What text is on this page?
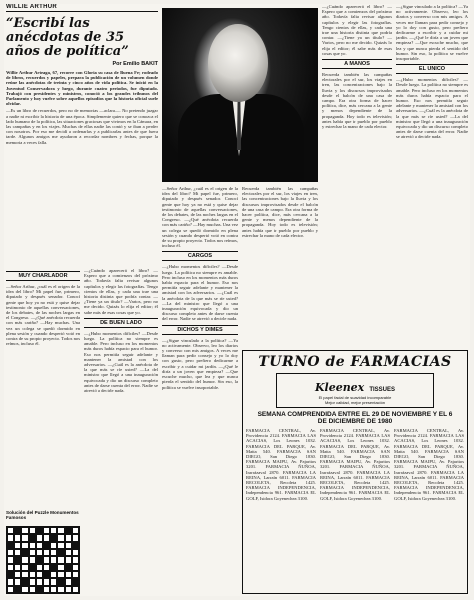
WILLIE ARTHUR
“Escribí las anécdotas de 35 años de política”
Por Emilio BAKIT
Willie Arthur Arteaga, 67, recorre con Gloria su casa de Buena Fe; rodeado de libros, recuerdos y papeles, prepara la publicación de un volumen donde reúne las anécdotas de treinta y cinco años de vida política. Se inició en la Juventud Conservadora y luego, durante cuatro períodos, fue diputado. Trabajó con presidentes y ministros, conoció a los grandes tribunos del Parlamento y hoy vuelve sobre aquellos episodios que la historia oficial suele olvidar.
—Es un libro de recuerdos, pero no de memorias —aclara—. No pretendo juzgar a nadie ni escribir la historia de una época. Simplemente quiero que se conozca el lado humano de la política, las situaciones graciosas que vivimos en la Cámara, en las campañas y en los viajes. Muchas de ellas nadie las contó y se iban a perder con nosotros. Por eso me decidí a ordenarlas y a publicarlas antes de que fuera tarde. Algunos amigos me ayudaron a recordar nombres y fechas, porque la memoria a veces falla.
—¿Cuándo aparecerá el libro? —Espero que a comienzos del próximo año. Todavía falta revisar algunos capítulos y elegir las fotografías. Tengo cientos de ellas, y cada una trae una historia distinta que podría contar. —¿Tiene ya un título? —Varios, pero no me decido. Quizás lo elija el editor; él sabe más de esas cosas que yo.
A MANOS
Recuerda también las campañas electorales por el sur, los viajes en tren, las concentraciones bajo la lluvia y los discursos improvisados desde el balcón de una casa de campo. Era otra forma de hacer política, dice, más cercana a la gente y menos dependiente de la propaganda. Hoy todo es televisión; antes había que ir pueblo por pueblo y estrechar la mano de cada elector.
—¿Sigue vinculado a la política? —Ya no activamente. Observo, leo los diarios y converso con mis amigos. A veces me llaman para pedir consejo y yo lo doy con gusto, pero prefiero dedicarme a escribir y a cuidar mi jardín. —¿Qué le diría a un joven que empieza? —Que escuche mucho, que lea y que nunca pierda el sentido del humor. Sin eso, la política se vuelve insoportable.
EL UNICO
—¿Hubo momentos difíciles? —Desde luego. La política no siempre es amable. Pero incluso en los momentos más duros había espacio para el humor. Eso nos permitía seguir adelante y mantener la amistad con los adversarios. —¿Cuál es la anécdota de la que más se ríe usted? —La del ministro que llegó a una inauguración equivocada y dio un discurso completo antes de darse cuenta del error. Nadie se atrevió a decirle nada.
—Señor Arthur, ¿cuál es el origen de la idea del libro? Mi papel fue, primero, diputado y después senador. Conocí gente que hoy ya no está y quise dejar testimonio de aquellas conversaciones, de los debates, de las noches largas en el Congreso. —¿Qué anécdota recuerda con más cariño? —Hay muchas. Una vez un colega se quedó dormido en plena sesión y cuando despertó votó en contra de su propio proyecto. Todos nos reímos, incluso él.
CARGOS
—¿Hubo momentos difíciles? —Desde luego. La política no siempre es amable. Pero incluso en los momentos más duros había espacio para el humor. Eso nos permitía seguir adelante y mantener la amistad con los adversarios. —¿Cuál es la anécdota de la que más se ríe usted? —La del ministro que llegó a una inauguración equivocada y dio un discurso completo antes de darse cuenta del error. Nadie se atrevió a decirle nada.
DICHOS Y DIMES
—¿Sigue vinculado a la política? —Ya no activamente. Observo, leo los diarios y converso con mis amigos. A veces me llaman para pedir consejo y yo lo doy con gusto, pero prefiero dedicarme a escribir y a cuidar mi jardín. —¿Qué le diría a un joven que empieza? —Que escuche mucho, que lea y que nunca pierda el sentido del humor. Sin eso, la política se vuelve insoportable.
Recuerda también las campañas electorales por el sur, los viajes en tren, las concentraciones bajo la lluvia y los discursos improvisados desde el balcón de una casa de campo. Era otra forma de hacer política, dice, más cercana a la gente y menos dependiente de la propaganda. Hoy todo es televisión; antes había que ir pueblo por pueblo y estrechar la mano de cada elector.
MUY CHARLADOR
—Señor Arthur, ¿cuál es el origen de la idea del libro? Mi papel fue, primero, diputado y después senador. Conocí gente que hoy ya no está y quise dejar testimonio de aquellas conversaciones, de los debates, de las noches largas en el Congreso. —¿Qué anécdota recuerda con más cariño? —Hay muchas. Una vez un colega se quedó dormido en plena sesión y cuando despertó votó en contra de su propio proyecto. Todos nos reímos, incluso él.
—¿Cuándo aparecerá el libro? —Espero que a comienzos del próximo año. Todavía falta revisar algunos capítulos y elegir las fotografías. Tengo cientos de ellas, y cada una trae una historia distinta que podría contar. —¿Tiene ya un título? —Varios, pero no me decido. Quizás lo elija el editor; él sabe más de esas cosas que yo.
DE BUEN LADO
—¿Hubo momentos difíciles? —Desde luego. La política no siempre es amable. Pero incluso en los momentos más duros había espacio para el humor. Eso nos permitía seguir adelante y mantener la amistad con los adversarios. —¿Cuál es la anécdota de la que más se ríe usted? —La del ministro que llegó a una inauguración equivocada y dio un discurso completo antes de darse cuenta del error. Nadie se atrevió a decirle nada.
Solución del Puzzle Monumentos Famosos
TURNO de FARMACIAS
Kleenex TISSUES
El papel facial de suavidad incomparable
Mejor calidad, mejor presentación
SEMANA COMPRENDIDA ENTRE EL 29 DE NOVIEMBRE Y EL 6 DE DICIEMBRE DE 1980
FARMACIA CENTRAL, Av. Providencia 2124. FARMACIA LAS ACACIAS, Los Leones 1032. FARMACIA DEL PARQUE, Av. Matta 540. FARMACIA SAN DIEGO, San Diego 1830. FARMACIA MAIPU, Av. Pajaritos 3201. FARMACIA ÑUÑOA, Irarrázaval 2870. FARMACIA LA REINA, Larraín 6011. FARMACIA RECOLETA, Recoleta 1425. FARMACIA INDEPENDENCIA, Independencia 961. FARMACIA EL GOLF, Isidora Goyenechea 3100.
FARMACIA CENTRAL, Av. Providencia 2124. FARMACIA LAS ACACIAS, Los Leones 1032. FARMACIA DEL PARQUE, Av. Matta 540. FARMACIA SAN DIEGO, San Diego 1830. FARMACIA MAIPU, Av. Pajaritos 3201. FARMACIA ÑUÑOA, Irarrázaval 2870. FARMACIA LA REINA, Larraín 6011. FARMACIA RECOLETA, Recoleta 1425. FARMACIA INDEPENDENCIA, Independencia 961. FARMACIA EL GOLF, Isidora Goyenechea 3100.
FARMACIA CENTRAL, Av. Providencia 2124. FARMACIA LAS ACACIAS, Los Leones 1032. FARMACIA DEL PARQUE, Av. Matta 540. FARMACIA SAN DIEGO, San Diego 1830. FARMACIA MAIPU, Av. Pajaritos 3201. FARMACIA ÑUÑOA, Irarrázaval 2870. FARMACIA LA REINA, Larraín 6011. FARMACIA RECOLETA, Recoleta 1425. FARMACIA INDEPENDENCIA, Independencia 961. FARMACIA EL GOLF, Isidora Goyenechea 3100.
